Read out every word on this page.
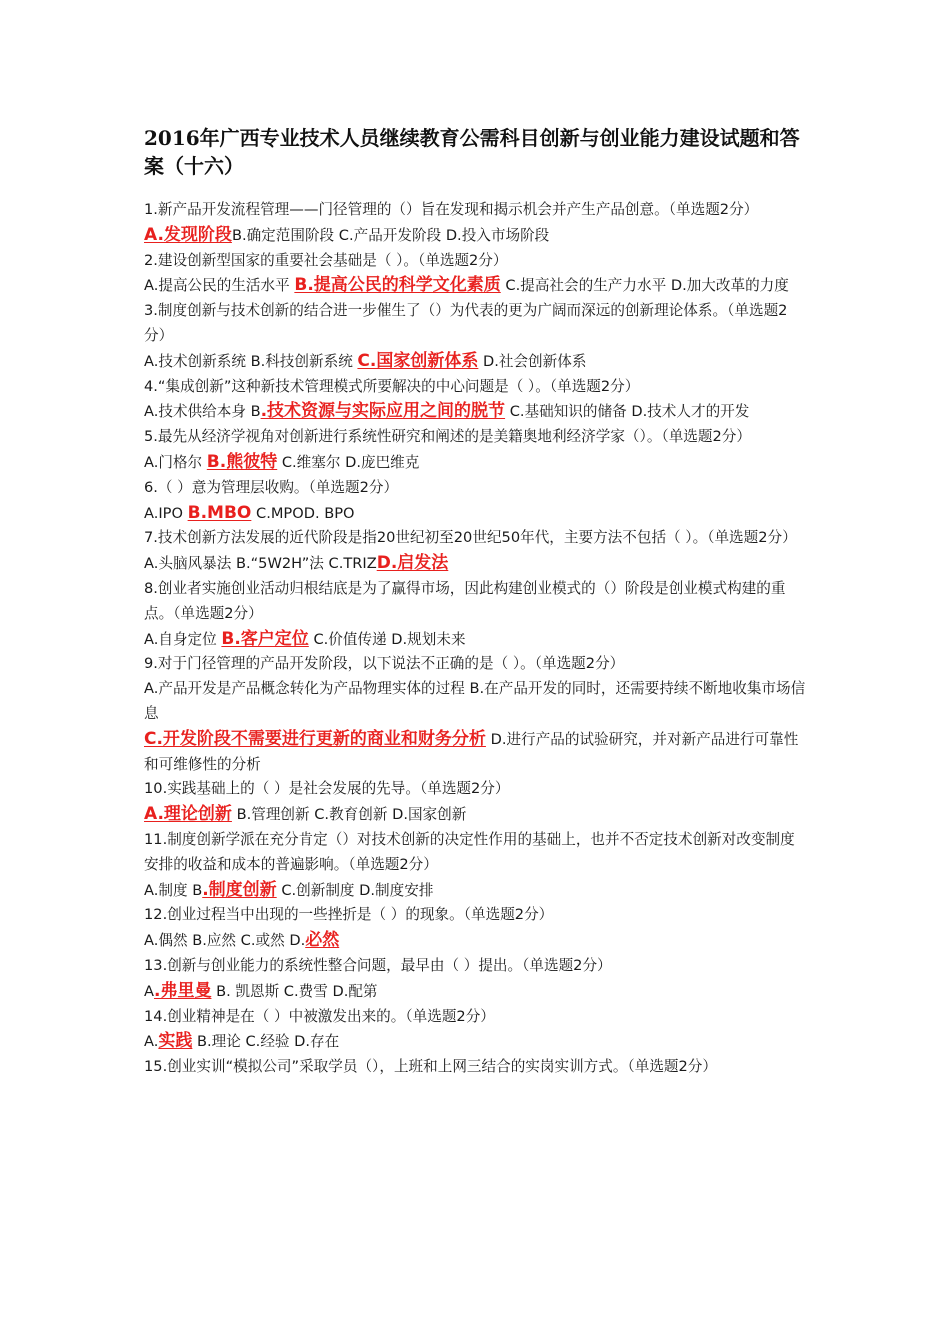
2016年广西专业技术人员继续教育公需科目创新与创业能力建设试题和答案（十六）
1.新产品开发流程管理——门径管理的（）旨在发现和揭示机会并产生产品创意。（单选题2分）
A.发现阶段B.确定范围阶段 C.产品开发阶段 D.投入市场阶段
2.建设创新型国家的重要社会基础是（ ）。（单选题2分）
A.提高公民的生活水平 B.提高公民的科学文化素质 C.提高社会的生产力水平 D.加大改革的力度
3.制度创新与技术创新的结合进一步催生了（）为代表的更为广阔而深远的创新理论体系。（单选题2分）
A.技术创新系统 B.科技创新系统 C.国家创新体系 D.社会创新体系
4.“集成创新”这种新技术管理模式所要解决的中心问题是（ ）。（单选题2分）
A.技术供给本身 B.技术资源与实际应用之间的脱节 C.基础知识的储备 D.技术人才的开发
5.最先从经济学视角对创新进行系统性研究和阐述的是美籍奥地利经济学家（）。（单选题2分）
A.门格尔 B.熊彼特 C.维塞尔 D.庞巴维克
6.（ ）意为管理层收购。（单选题2分）
A.IPO B.MBO C.MPOD. BPO
7.技术创新方法发展的近代阶段是指20世纪初至20世纪50年代，主要方法不包括（ ）。（单选题2分）
A.头脑风暴法 B.“5W2H”法 C.TRIZD.启发法
8.创业者实施创业活动归根结底是为了赢得市场，因此构建创业模式的（）阶段是创业模式构建的重点。（单选题2分）
A.自身定位 B.客户定位 C.价值传递 D.规划未来
9.对于门径管理的产品开发阶段，以下说法不正确的是（ ）。（单选题2分）
A.产品开发是产品概念转化为产品物理实体的过程 B.在产品开发的同时，还需要持续不断地收集市场信息
C.开发阶段不需要进行更新的商业和财务分析 D.进行产品的试验研究，并对新产品进行可靠性和可维修性的分析
10.实践基础上的（ ）是社会发展的先导。（单选题2分）
A.理论创新 B.管理创新 C.教育创新 D.国家创新
11.制度创新学派在充分肯定（）对技术创新的决定性作用的基础上，也并不否定技术创新对改变制度安排的收益和成本的普遍影响。（单选题2分）
A.制度 B.制度创新 C.创新制度 D.制度安排
12.创业过程当中出现的一些挫折是（ ）的现象。（单选题2分）
A.偶然 B.应然 C.或然 D.必然
13.创新与创业能力的系统性整合问题，最早由（ ）提出。（单选题2分）
A.弗里曼 B. 凯恩斯 C.费雪 D.配第
14.创业精神是在（ ）中被激发出来的。（单选题2分）
A.实践 B.理论 C.经验 D.存在
15.创业实训“模拟公司”采取学员（），上班和上网三结合的实岗实训方式。（单选题2分）
